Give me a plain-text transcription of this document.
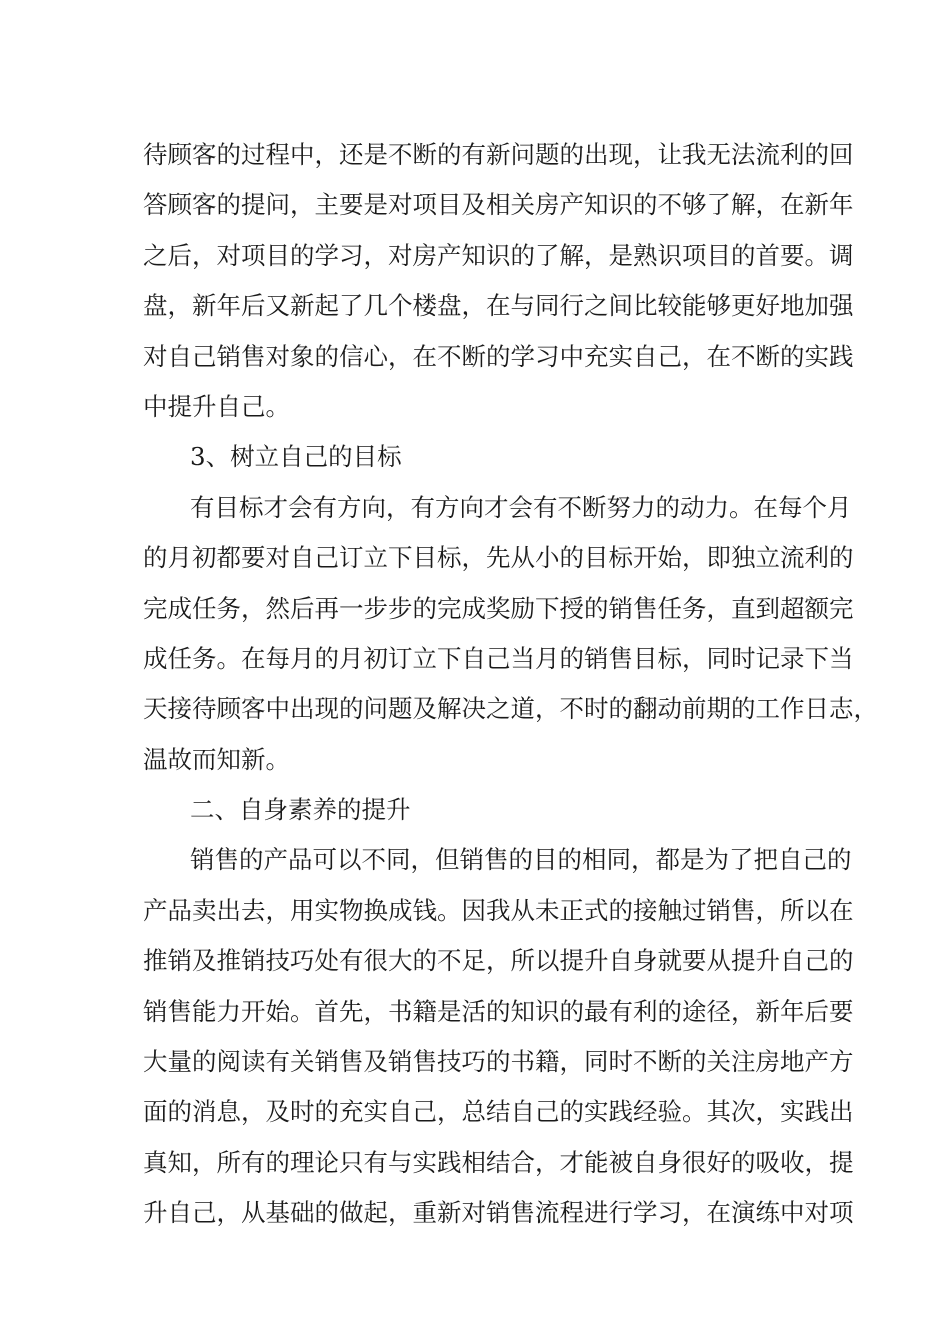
待顾客的过程中，还是不断的有新问题的出现，让我无法流利的回
答顾客的提问，主要是对项目及相关房产知识的不够了解，在新年
之后，对项目的学习，对房产知识的了解，是熟识项目的首要。调
盘，新年后又新起了几个楼盘，在与同行之间比较能够更好地加强
对自己销售对象的信心，在不断的学习中充实自己，在不断的实践
中提升自己。
3、树立自己的目标
有目标才会有方向，有方向才会有不断努力的动力。在每个月
的月初都要对自己订立下目标，先从小的目标开始，即独立流利的
完成任务，然后再一步步的完成奖励下授的销售任务，直到超额完
成任务。在每月的月初订立下自己当月的销售目标，同时记录下当
天接待顾客中出现的问题及解决之道，不时的翻动前期的工作日志，
温故而知新。
二、自身素养的提升
销售的产品可以不同，但销售的目的相同，都是为了把自己的
产品卖出去，用实物换成钱。因我从未正式的接触过销售，所以在
推销及推销技巧处有很大的不足，所以提升自身就要从提升自己的
销售能力开始。首先，书籍是活的知识的最有利的途径，新年后要
大量的阅读有关销售及销售技巧的书籍，同时不断的关注房地产方
面的消息，及时的充实自己，总结自己的实践经验。其次，实践出
真知，所有的理论只有与实践相结合，才能被自身很好的吸收，提
升自己，从基础的做起，重新对销售流程进行学习，在演练中对项
